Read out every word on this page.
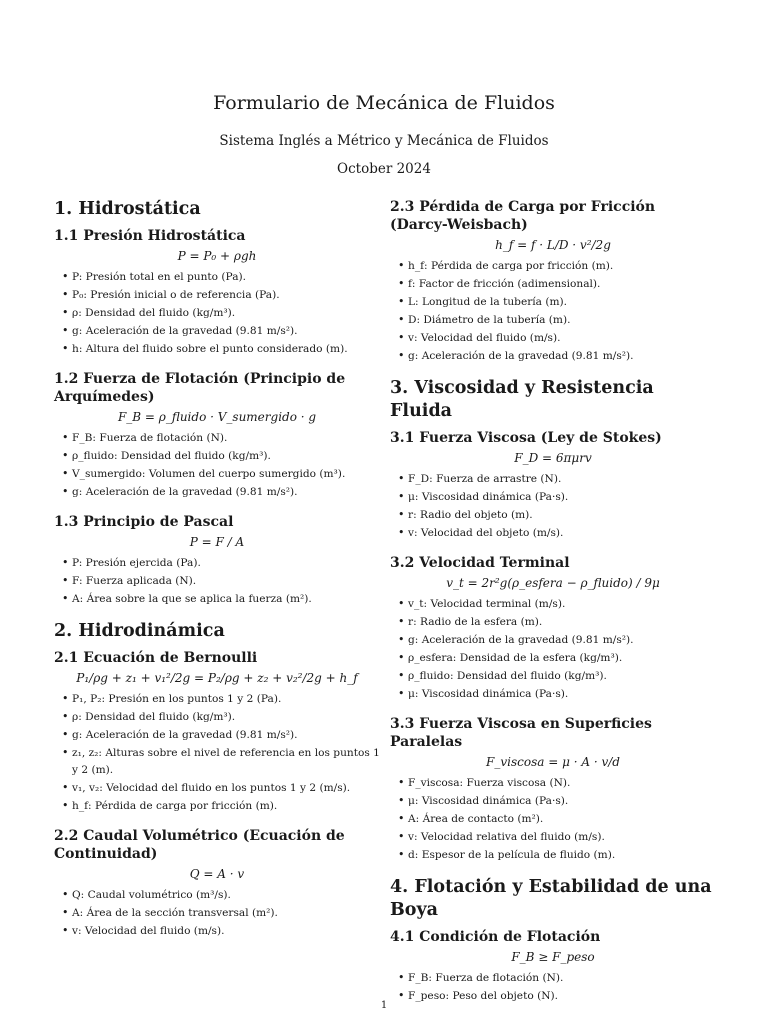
Formulario de Mecánica de Fluidos
Sistema Inglés a Métrico y Mecánica de Fluidos
October 2024
1. Hidrostática
1.1 Presión Hidrostática
P = P₀ + ρgh
• P: Presión total en el punto (Pa).
• P₀: Presión inicial o de referencia (Pa).
• ρ: Densidad del fluido (kg/m³).
• g: Aceleración de la gravedad (9.81 m/s²).
• h: Altura del fluido sobre el punto considerado (m).
1.2 Fuerza de Flotación (Principio de Arquímedes)
F_B = ρ_fluido · V_sumergido · g
• F_B: Fuerza de flotación (N).
• ρ_fluido: Densidad del fluido (kg/m³).
• V_sumergido: Volumen del cuerpo sumergido (m³).
• g: Aceleración de la gravedad (9.81 m/s²).
1.3 Principio de Pascal
P = F / A
• P: Presión ejercida (Pa).
• F: Fuerza aplicada (N).
• A: Área sobre la que se aplica la fuerza (m²).
2. Hidrodinámica
2.1 Ecuación de Bernoulli
P₁/ρg + z₁ + v₁²/2g = P₂/ρg + z₂ + v₂²/2g + h_f
• P₁, P₂: Presión en los puntos 1 y 2 (Pa).
• ρ: Densidad del fluido (kg/m³).
• g: Aceleración de la gravedad (9.81 m/s²).
• z₁, z₂: Alturas sobre el nivel de referencia en los puntos 1 y 2 (m).
• v₁, v₂: Velocidad del fluido en los puntos 1 y 2 (m/s).
• h_f: Pérdida de carga por fricción (m).
2.2 Caudal Volumétrico (Ecuación de Continuidad)
Q = A · v
• Q: Caudal volumétrico (m³/s).
• A: Área de la sección transversal (m²).
• v: Velocidad del fluido (m/s).
2.3 Pérdida de Carga por Fricción (Darcy-Weisbach)
h_f = f · L/D · v²/2g
• h_f: Pérdida de carga por fricción (m).
• f: Factor de fricción (adimensional).
• L: Longitud de la tubería (m).
• D: Diámetro de la tubería (m).
• v: Velocidad del fluido (m/s).
• g: Aceleración de la gravedad (9.81 m/s²).
3. Viscosidad y Resistencia Fluida
3.1 Fuerza Viscosa (Ley de Stokes)
F_D = 6πμrv
• F_D: Fuerza de arrastre (N).
• μ: Viscosidad dinámica (Pa·s).
• r: Radio del objeto (m).
• v: Velocidad del objeto (m/s).
3.2 Velocidad Terminal
v_t = 2r²g(ρ_esfera − ρ_fluido) / 9μ
• v_t: Velocidad terminal (m/s).
• r: Radio de la esfera (m).
• g: Aceleración de la gravedad (9.81 m/s²).
• ρ_esfera: Densidad de la esfera (kg/m³).
• ρ_fluido: Densidad del fluido (kg/m³).
• μ: Viscosidad dinámica (Pa·s).
3.3 Fuerza Viscosa en Superficies Paralelas
F_viscosa = μ · A · v/d
• F_viscosa: Fuerza viscosa (N).
• μ: Viscosidad dinámica (Pa·s).
• A: Área de contacto (m²).
• v: Velocidad relativa del fluido (m/s).
• d: Espesor de la película de fluido (m).
4. Flotación y Estabilidad de una Boya
4.1 Condición de Flotación
F_B ≥ F_peso
• F_B: Fuerza de flotación (N).
• F_peso: Peso del objeto (N).
1
